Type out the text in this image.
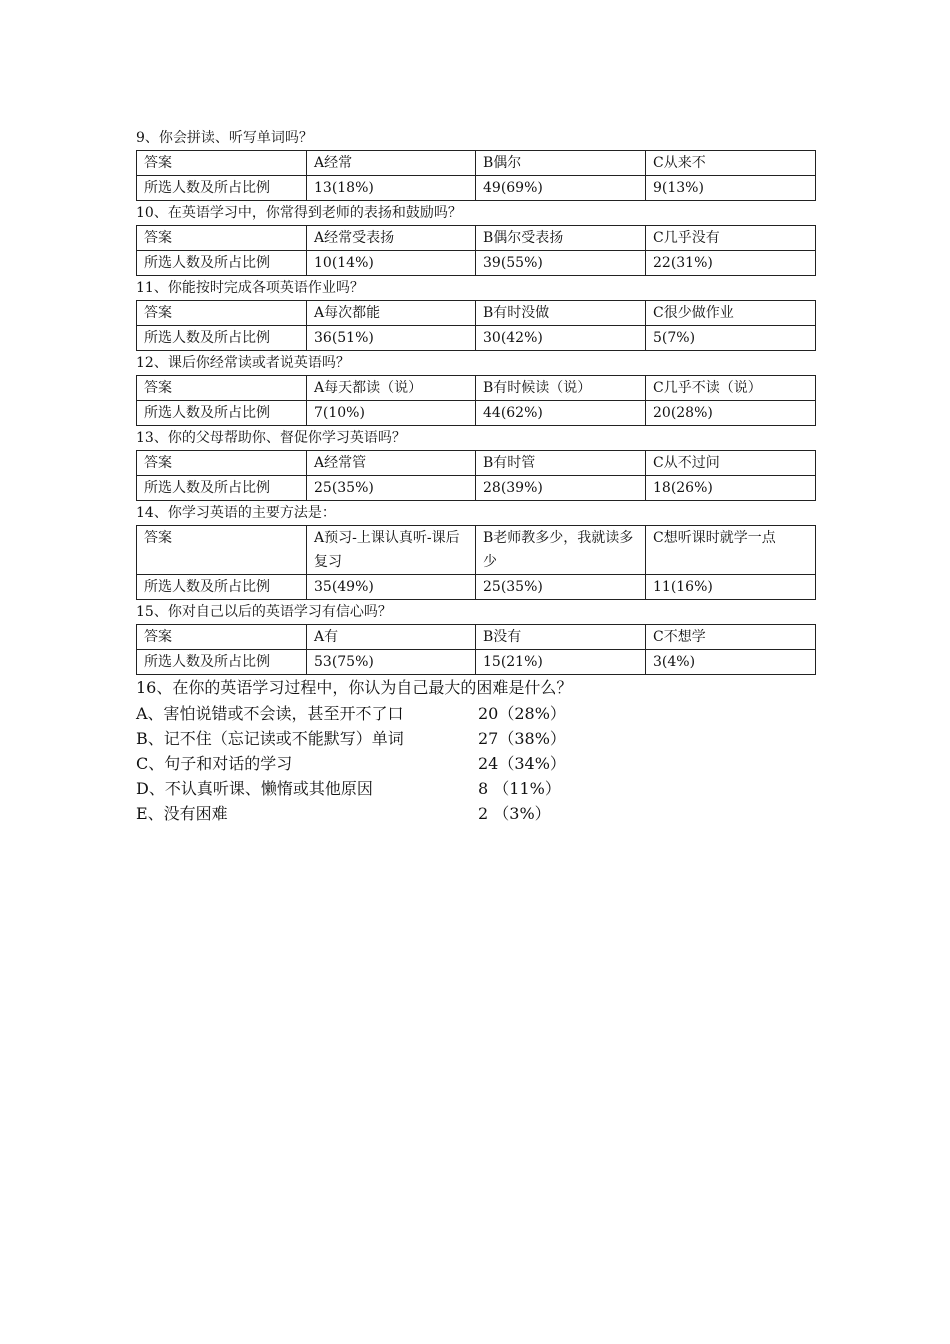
9、你会拼读、听写单词吗？
答案	A经常	B偶尔	C从来不
所选人数及所占比例	13(18%)	49(69%)	9(13%)
10、在英语学习中，你常得到老师的表扬和鼓励吗？
答案	A经常受表扬	B偶尔受表扬	C几乎没有
所选人数及所占比例	10(14%)	39(55%)	22(31%)
11、你能按时完成各项英语作业吗？
答案	A每次都能	B有时没做	C很少做作业
所选人数及所占比例	36(51%)	30(42%)	5(7%)
12、课后你经常读或者说英语吗？
答案	A每天都读（说）	B有时候读（说）	C几乎不读（说）
所选人数及所占比例	7(10%)	44(62%)	20(28%)
13、你的父母帮助你、督促你学习英语吗？
答案	A经常管	B有时管	C从不过问
所选人数及所占比例	25(35%)	28(39%)	18(26%)
14、你学习英语的主要方法是：
答案	A预习-上课认真听-课后复习	B老师教多少，我就读多少	C想听课时就学一点
所选人数及所占比例	35(49%)	25(35%)	11(16%)
15、你对自己以后的英语学习有信心吗？
答案	A有	B没有	C不想学
所选人数及所占比例	53(75%)	15(21%)	3(4%)
16、在你的英语学习过程中，你认为自己最大的困难是什么？
A、害怕说错或不会读，甚至开不了口	20（28%）
B、记不住（忘记读或不能默写）单词	27（38%）
C、句子和对话的学习	24（34%）
D、不认真听课、懒惰或其他原因	8 （11%）
E、没有困难	2 （3%）
